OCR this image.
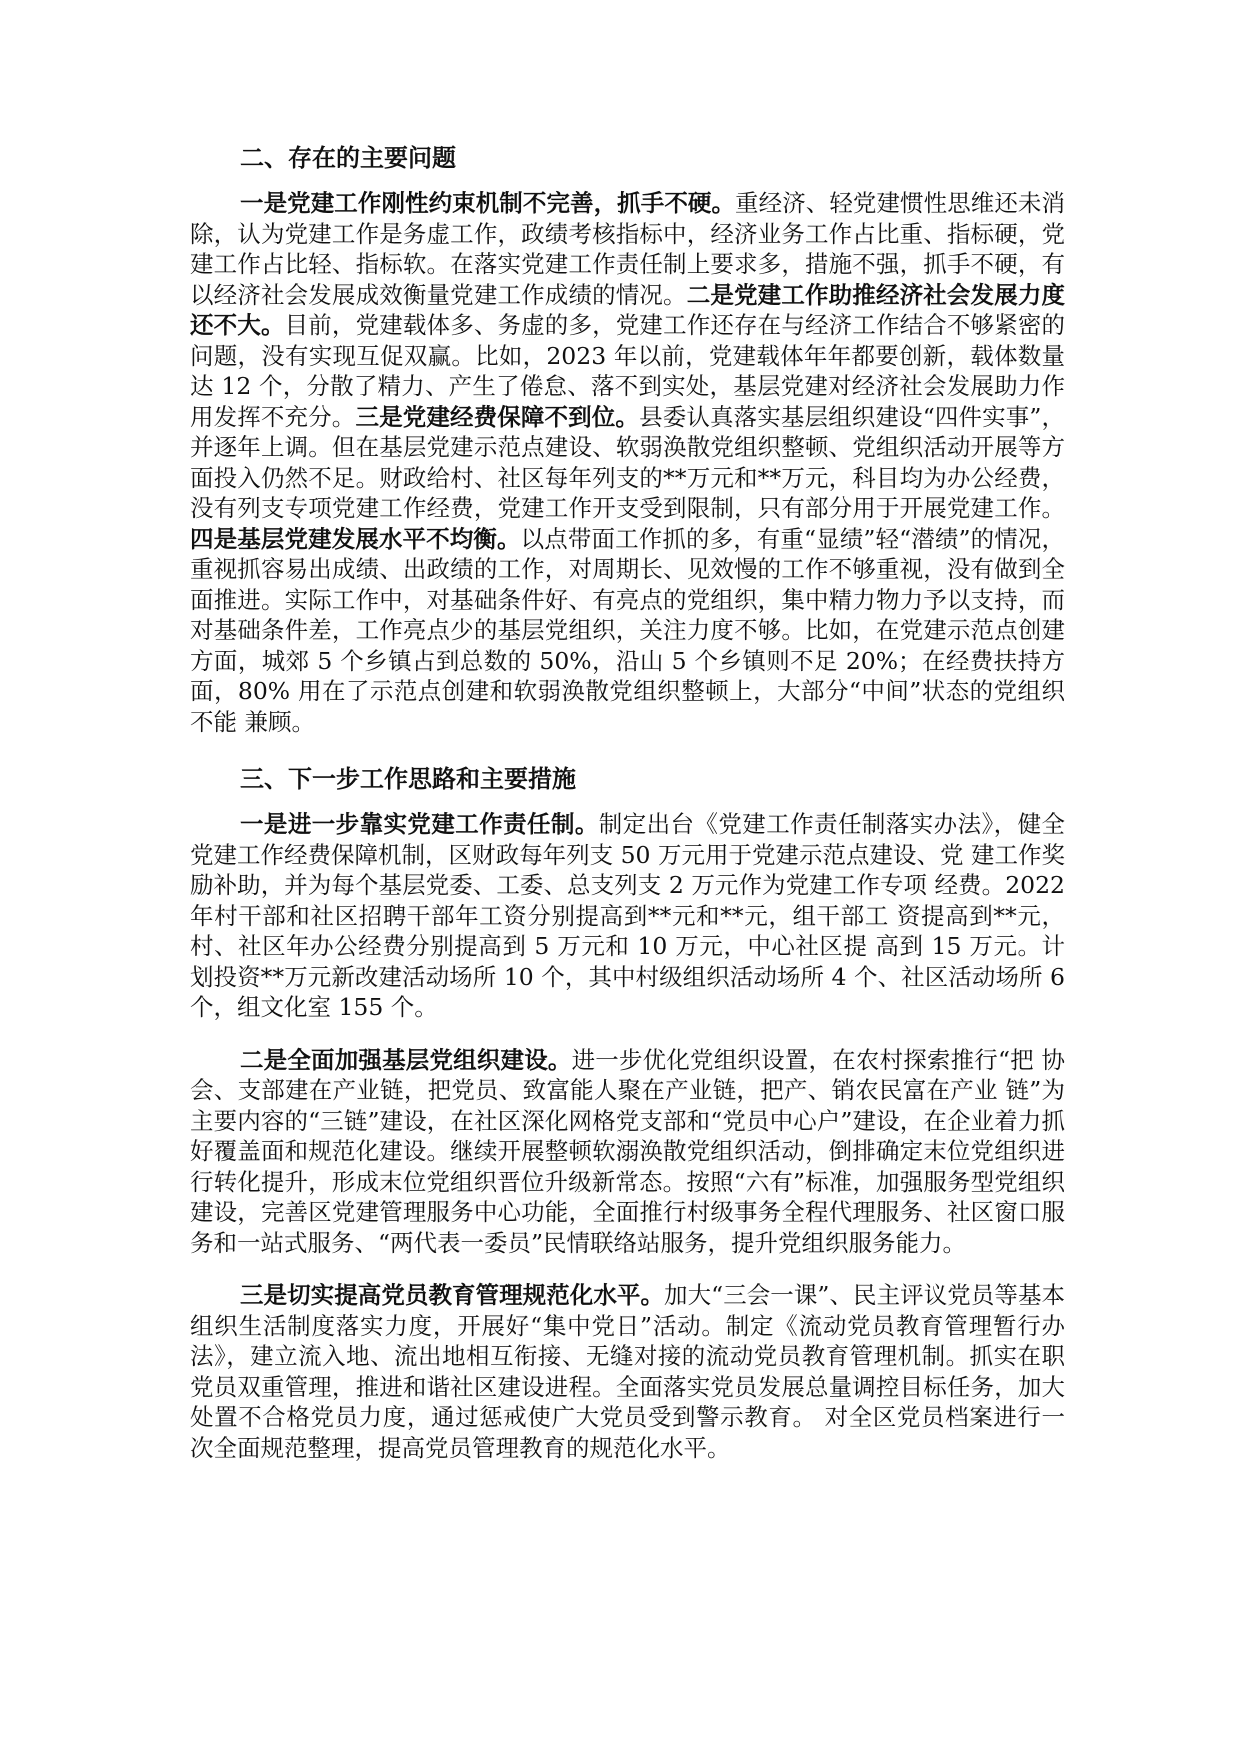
二、存在的主要问题

一是党建工作刚性约束机制不完善，抓手不硬。重经济、轻党建惯性思维还未消除，认为党建工作是务虚工作，政绩考核指标中，经济业务工作占比重、指标硬，党建工作占比轻、指标软。在落实党建工作责任制上要求多，措施不强，抓手不硬，有以经济社会发展成效衡量党建工作成绩的情况。二是党建工作助推经济社会发展力度还不大。目前，党建载体多、务虚的多，党建工作还存在与经济工作结合不够紧密的问题，没有实现互促双赢。比如，2023 年以前，党建载体年年都要创新，载体数量达 12 个，分散了精力、产生了倦怠、落不到实处，基层党建对经济社会发展助力作用发挥不充分。三是党建经费保障不到位。县委认真落实基层组织建设“四件实事”，并逐年上调。但在基层党建示范点建设、软弱涣散党组织整顿、党组织活动开展等方面投入仍然不足。财政给村、社区每年列支的**万元和**万元，科目均为办公经费，没有列支专项党建工作经费，党建工作开支受到限制，只有部分用于开展党建工作。四是基层党建发展水平不均衡。以点带面工作抓的多，有重“显绩”轻“潜绩”的情况，重视抓容易出成绩、出政绩的工作，对周期长、见效慢的工作不够重视，没有做到全面推进。实际工作中，对基础条件好、有亮点的党组织，集中精力物力予以支持，而对基础条件差，工作亮点少的基层党组织，关注力度不够。比如，在党建示范点创建方面，城郊 5 个乡镇占到总数的 50%，沿山 5 个乡镇则不足 20%；在经费扶持方面，80% 用在了示范点创建和软弱涣散党组织整顿上，大部分“中间”状态的党组织不能 兼顾。

三、下一步工作思路和主要措施

一是进一步靠实党建工作责任制。制定出台《党建工作责任制落实办法》，健全党建工作经费保障机制，区财政每年列支 50 万元用于党建示范点建设、党 建工作奖励补助，并为每个基层党委、工委、总支列支 2 万元作为党建工作专项 经费。2022 年村干部和社区招聘干部年工资分别提高到**元和**元，组干部工 资提高到**元，村、社区年办公经费分别提高到 5 万元和 10 万元，中心社区提 高到 15 万元。计划投资**万元新改建活动场所 10 个，其中村级组织活动场所 4 个、社区活动场所 6 个，组文化室 155 个。

二是全面加强基层党组织建设。进一步优化党组织设置，在农村探索推行“把 协会、支部建在产业链，把党员、致富能人聚在产业链，把产、销农民富在产业 链”为主要内容的“三链”建设，在社区深化网格党支部和“党员中心户”建设，在企业着力抓好覆盖面和规范化建设。继续开展整顿软溺涣散党组织活动，倒排确定末位党组织进行转化提升，形成末位党组织晋位升级新常态。按照“六有”标准，加强服务型党组织建设，完善区党建管理服务中心功能，全面推行村级事务全程代理服务、社区窗口服务和一站式服务、“两代表一委员”民情联络站服务，提升党组织服务能力。

三是切实提高党员教育管理规范化水平。加大“三会一课”、民主评议党员等基本组织生活制度落实力度，开展好“集中党日”活动。制定《流动党员教育管理暂行办法》，建立流入地、流出地相互衔接、无缝对接的流动党员教育管理机制。抓实在职党员双重管理，推进和谐社区建设进程。全面落实党员发展总量调控目标任务，加大处置不合格党员力度，通过惩戒使广大党员受到警示教育。 对全区党员档案进行一次全面规范整理，提高党员管理教育的规范化水平。
